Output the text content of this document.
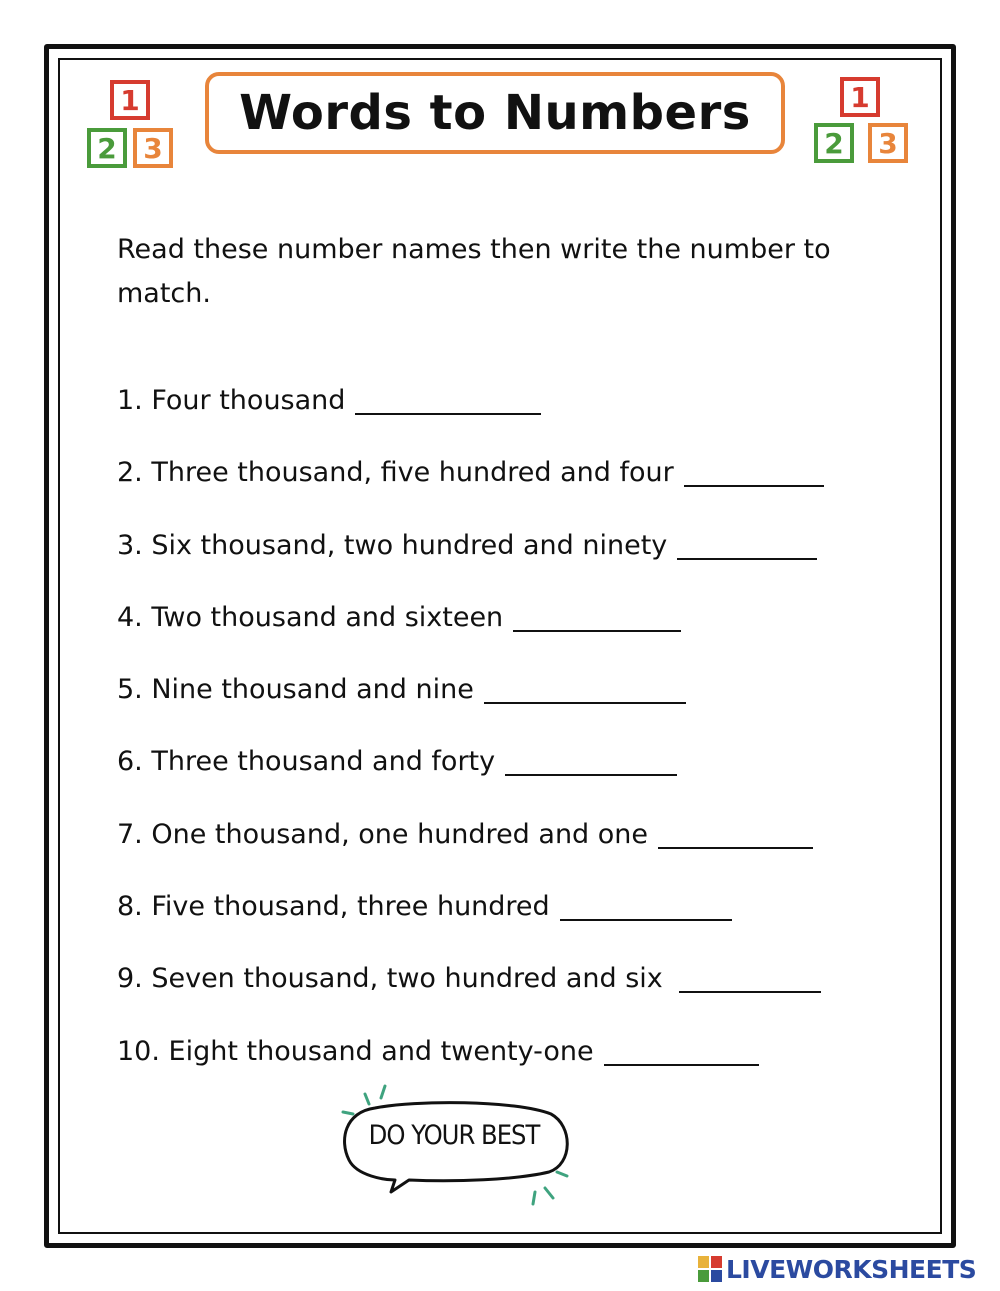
1
2 3
Words to Numbers	1
2 3
Read these number names then write the number to match.
1. Four thousand
2. Three thousand, five hundred and four
3. Six thousand, two hundred and ninety
4. Two thousand and sixteen
5. Nine thousand and nine
6. Three thousand and forty
7. One thousand, one hundred and one
8. Five thousand, three hundred
9. Seven thousand, two hundred and six
10. Eight thousand and twenty-one
DO YOUR BEST
LIVEWORKSHEETS
